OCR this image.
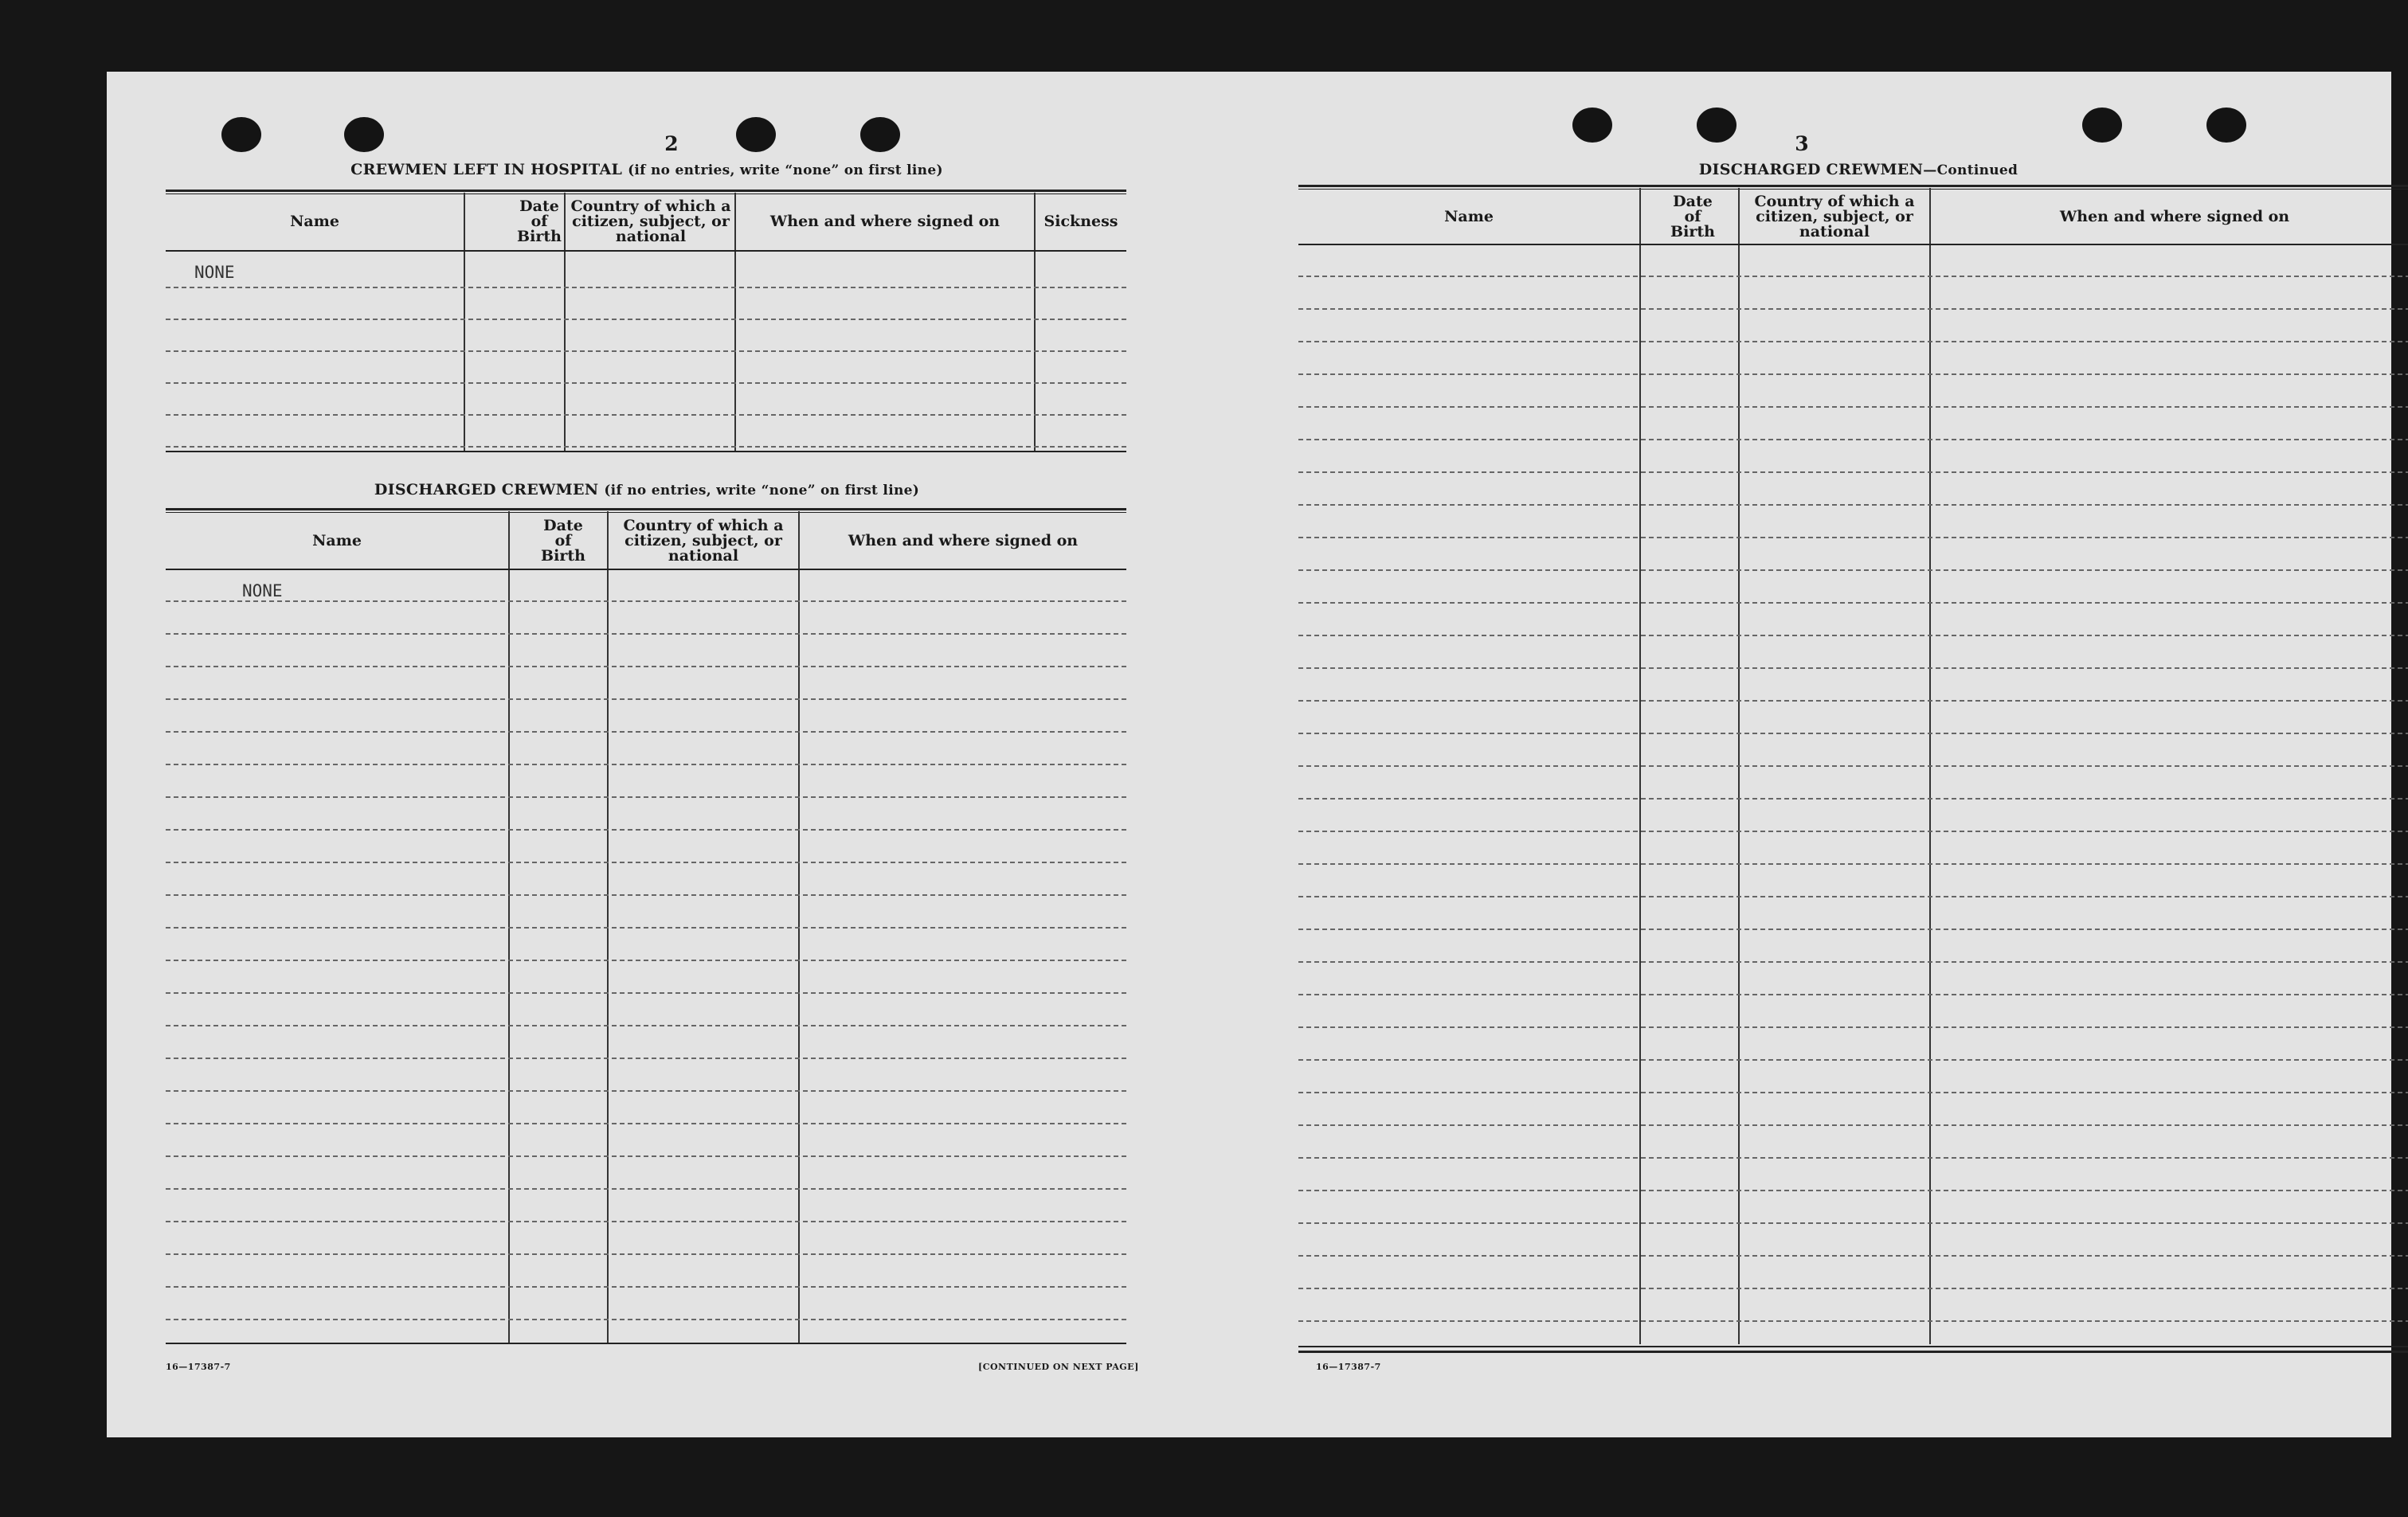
2
CREWMEN LEFT IN HOSPITAL (if no entries, write “none” on first line)
Name
Date of Birth
Country of which a citizen, subject, or national
When and where signed on	Sickness
NONE
DISCHARGED CREWMEN (if no entries, write “none” on first line)
Name
Date of Birth
Country of which a citizen, subject, or national
When and where signed on
NONE
16—17387-7	[CONTINUED ON NEXT PAGE]
3
DISCHARGED CREWMEN—Continued
Name
Date of Birth
Country of which a citizen, subject, or national
When and where signed on
16—17387-7
